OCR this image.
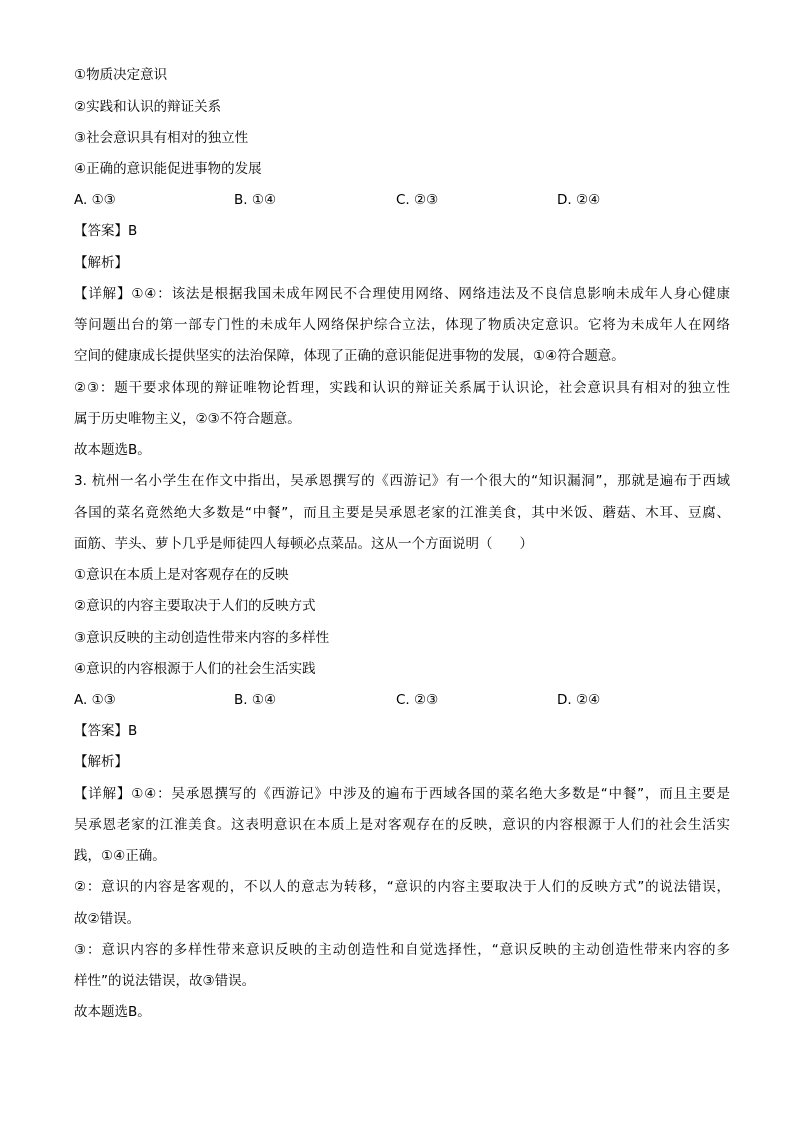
①物质决定意识
②实践和认识的辩证关系
③社会意识具有相对的独立性
④正确的意识能促进事物的发展
A. ①③	B. ①④	C. ②③	D. ②④
【答案】B
【解析】
【详解】①④：该法是根据我国未成年网民不合理使用网络、网络违法及不良信息影响未成年人身心健康
等问题出台的第一部专门性的未成年人网络保护综合立法，体现了物质决定意识。它将为未成年人在网络
空间的健康成长提供坚实的法治保障，体现了正确的意识能促进事物的发展，①④符合题意。
②③：题干要求体现的辩证唯物论哲理，实践和认识的辩证关系属于认识论，社会意识具有相对的独立性
属于历史唯物主义，②③不符合题意。
故本题选B。
3. 杭州一名小学生在作文中指出，吴承恩撰写的《西游记》有一个很大的“知识漏洞”，那就是遍布于西域
各国的菜名竟然绝大多数是“中餐”，而且主要是吴承恩老家的江淮美食，其中米饭、蘑菇、木耳、豆腐、
面筋、芋头、萝卜几乎是师徒四人每顿必点菜品。这从一个方面说明（　　）
①意识在本质上是对客观存在的反映
②意识的内容主要取决于人们的反映方式
③意识反映的主动创造性带来内容的多样性
④意识的内容根源于人们的社会生活实践
A. ①③	B. ①④	C. ②③	D. ②④
【答案】B
【解析】
【详解】①④：吴承恩撰写的《西游记》中涉及的遍布于西域各国的菜名绝大多数是“中餐”，而且主要是
吴承恩老家的江淮美食。这表明意识在本质上是对客观存在的反映，意识的内容根源于人们的社会生活实
践，①④正确。
②：意识的内容是客观的，不以人的意志为转移，“意识的内容主要取决于人们的反映方式”的说法错误，
故②错误。
③：意识内容的多样性带来意识反映的主动创造性和自觉选择性，“意识反映的主动创造性带来内容的多
样性”的说法错误，故③错误。
故本题选B。
